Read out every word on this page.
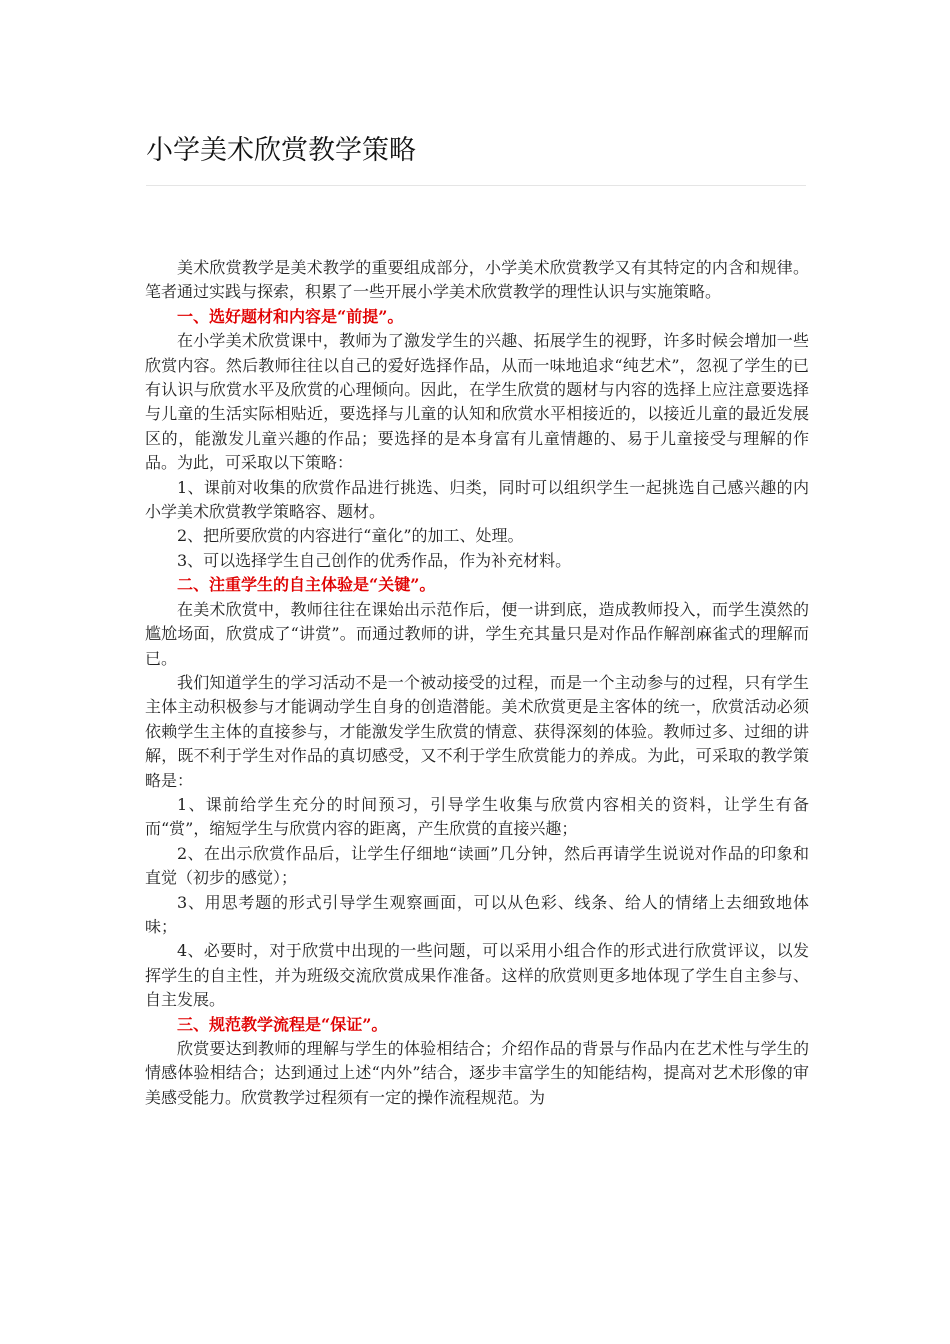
小学美术欣赏教学策略

美术欣赏教学是美术教学的重要组成部分，小学美术欣赏教学又有其特定的内含和规律。笔者通过实践与探索，积累了一些开展小学美术欣赏教学的理性认识与实施策略。

一、选好题材和内容是“前提”。

在小学美术欣赏课中，教师为了激发学生的兴趣、拓展学生的视野，许多时候会增加一些欣赏内容。然后教师往往以自己的爱好选择作品，从而一味地追求“纯艺术”，忽视了学生的已有认识与欣赏水平及欣赏的心理倾向。因此，在学生欣赏的题材与内容的选择上应注意要选择与儿童的生活实际相贴近，要选择与儿童的认知和欣赏水平相接近的，以接近儿童的最近发展区的，能激发儿童兴趣的作品；要选择的是本身富有儿童情趣的、易于儿童接受与理解的作品。为此，可采取以下策略：

1、课前对收集的欣赏作品进行挑选、归类，同时可以组织学生一起挑选自己感兴趣的内小学美术欣赏教学策略容、题材。

2、把所要欣赏的内容进行“童化”的加工、处理。

3、可以选择学生自己创作的优秀作品，作为补充材料。

二、注重学生的自主体验是“关键”。

在美术欣赏中，教师往往在课始出示范作后，便一讲到底，造成教师投入，而学生漠然的尴尬场面，欣赏成了“讲赏”。而通过教师的讲，学生充其量只是对作品作解剖麻雀式的理解而已。

我们知道学生的学习活动不是一个被动接受的过程，而是一个主动参与的过程，只有学生主体主动积极参与才能调动学生自身的创造潜能。美术欣赏更是主客体的统一，欣赏活动必须依赖学生主体的直接参与，才能激发学生欣赏的情意、获得深刻的体验。教师过多、过细的讲解，既不利于学生对作品的真切感受，又不利于学生欣赏能力的养成。为此，可采取的教学策略是：

1、课前给学生充分的时间预习，引导学生收集与欣赏内容相关的资料，让学生有备而“赏”，缩短学生与欣赏内容的距离，产生欣赏的直接兴趣；

2、在出示欣赏作品后，让学生仔细地“读画”几分钟，然后再请学生说说对作品的印象和直觉（初步的感觉）；

3、用思考题的形式引导学生观察画面，可以从色彩、线条、给人的情绪上去细致地体味；

4、必要时，对于欣赏中出现的一些问题，可以采用小组合作的形式进行欣赏评议，以发挥学生的自主性，并为班级交流欣赏成果作准备。这样的欣赏则更多地体现了学生自主参与、自主发展。

三、规范教学流程是“保证”。

欣赏要达到教师的理解与学生的体验相结合；介绍作品的背景与作品内在艺术性与学生的情感体验相结合；达到通过上述“内外”结合，逐步丰富学生的知能结构，提高对艺术形像的审美感受能力。欣赏教学过程须有一定的操作流程规范。为
